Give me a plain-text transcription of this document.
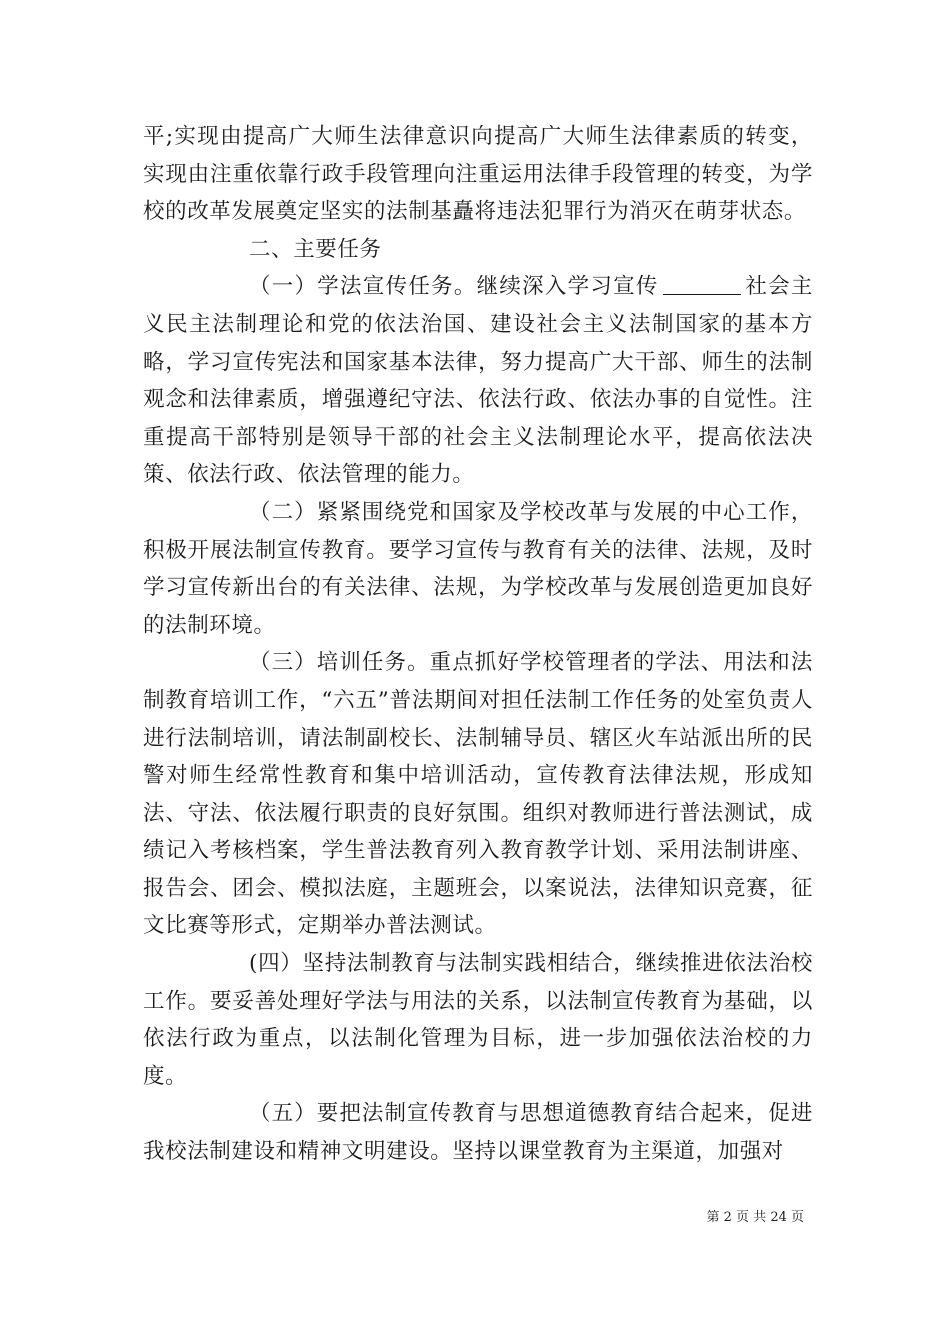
平;实现由提高广大师生法律意识向提高广大师生法律素质的转变，实现由注重依靠行政手段管理向注重运用法律手段管理的转变，为学校的改革发展奠定坚实的法制基矗将违法犯罪行为消灭在萌芽状态。

二、主要任务

（一）学法宣传任务。继续深入学习宣传	社会主义民主法制理论和党的依法治国、建设社会主义法制国家的基本方略，学习宣传宪法和国家基本法律，努力提高广大干部、师生的法制观念和法律素质，增强遵纪守法、依法行政、依法办事的自觉性。注重提高干部特别是领导干部的社会主义法制理论水平，提高依法决策、依法行政、依法管理的能力。

（二）紧紧围绕党和国家及学校改革与发展的中心工作，积极开展法制宣传教育。要学习宣传与教育有关的法律、法规，及时学习宣传新出台的有关法律、法规，为学校改革与发展创造更加良好的法制环境。

（三）培训任务。重点抓好学校管理者的学法、用法和法制教育培训工作，“六五”普法期间对担任法制工作任务的处室负责人进行法制培训，请法制副校长、法制辅导员、辖区火车站派出所的民警对师生经常性教育和集中培训活动，宣传教育法律法规，形成知法、守法、依法履行职责的良好氛围。组织对教师进行普法测试，成绩记入考核档案，学生普法教育列入教育教学计划、采用法制讲座、报告会、团会、模拟法庭，主题班会，以案说法，法律知识竞赛，征文比赛等形式，定期举办普法测试。

(四）坚持法制教育与法制实践相结合，继续推进依法治校工作。要妥善处理好学法与用法的关系，以法制宣传教育为基础，以依法行政为重点，以法制化管理为目标，进一步加强依法治校的力度。

（五）要把法制宣传教育与思想道德教育结合起来，促进我校法制建设和精神文明建设。坚持以课堂教育为主渠道，加强对

第 2 页 共 24 页
